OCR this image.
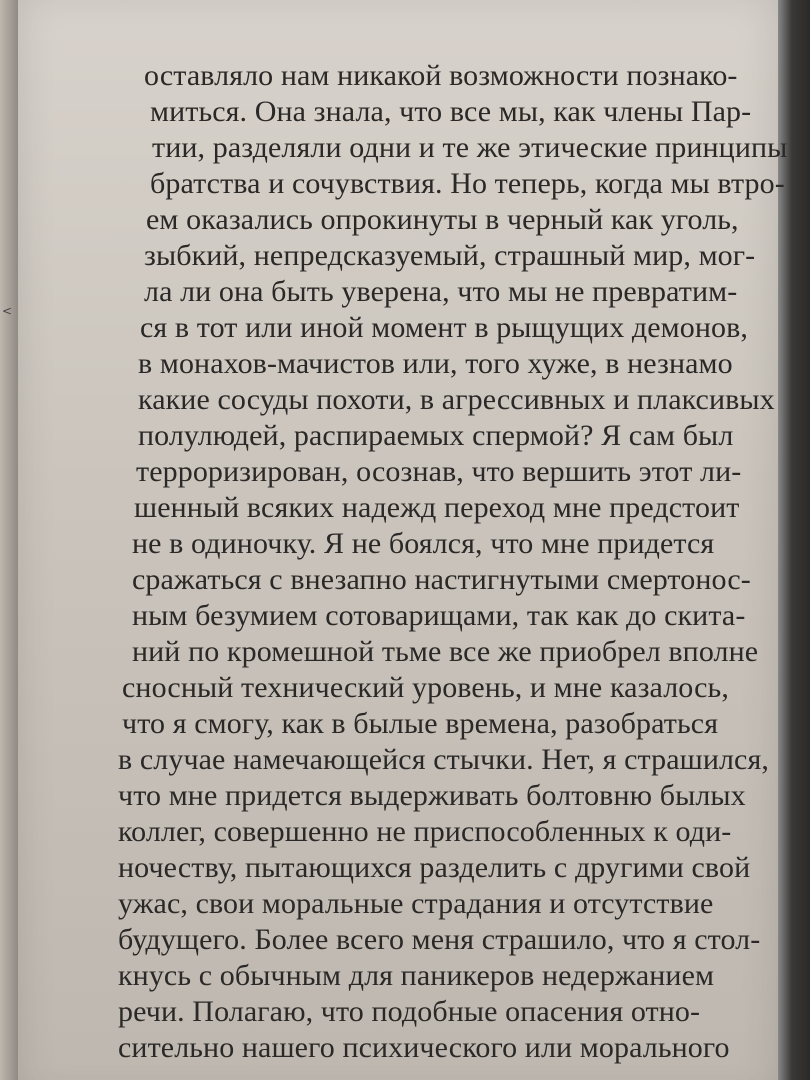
<
оставляло нам никакой возможности познако-
миться. Она знала, что все мы, как члены Пар-
тии, разделяли одни и те же этические принципы
братства и сочувствия. Но теперь, когда мы втро-
ем оказались опрокинуты в черный как уголь,
зыбкий, непредсказуемый, страшный мир, мог-
ла ли она быть уверена, что мы не превратим-
ся в тот или иной момент в рыщущих демонов,
в монахов-мачистов или, того хуже, в незнамо
какие сосуды похоти, в агрессивных и плаксивых
полулюдей, распираемых спермой? Я сам был
терроризирован, осознав, что вершить этот ли-
шенный всяких надежд переход мне предстоит
не в одиночку. Я не боялся, что мне придется
сражаться с внезапно настигнутыми смертонос-
ным безумием сотоварищами, так как до скита-
ний по кромешной тьме все же приобрел вполне
сносный технический уровень, и мне казалось,
что я смогу, как в былые времена, разобраться
в случае намечающейся стычки. Нет, я страшился,
что мне придется выдерживать болтовню былых
коллег, совершенно не приспособленных к оди-
ночеству, пытающихся разделить с другими свой
ужас, свои моральные страдания и отсутствие
будущего. Более всего меня страшило, что я стол-
кнусь с обычным для паникеров недержанием
речи. Полагаю, что подобные опасения отно-
сительно нашего психического или морального
